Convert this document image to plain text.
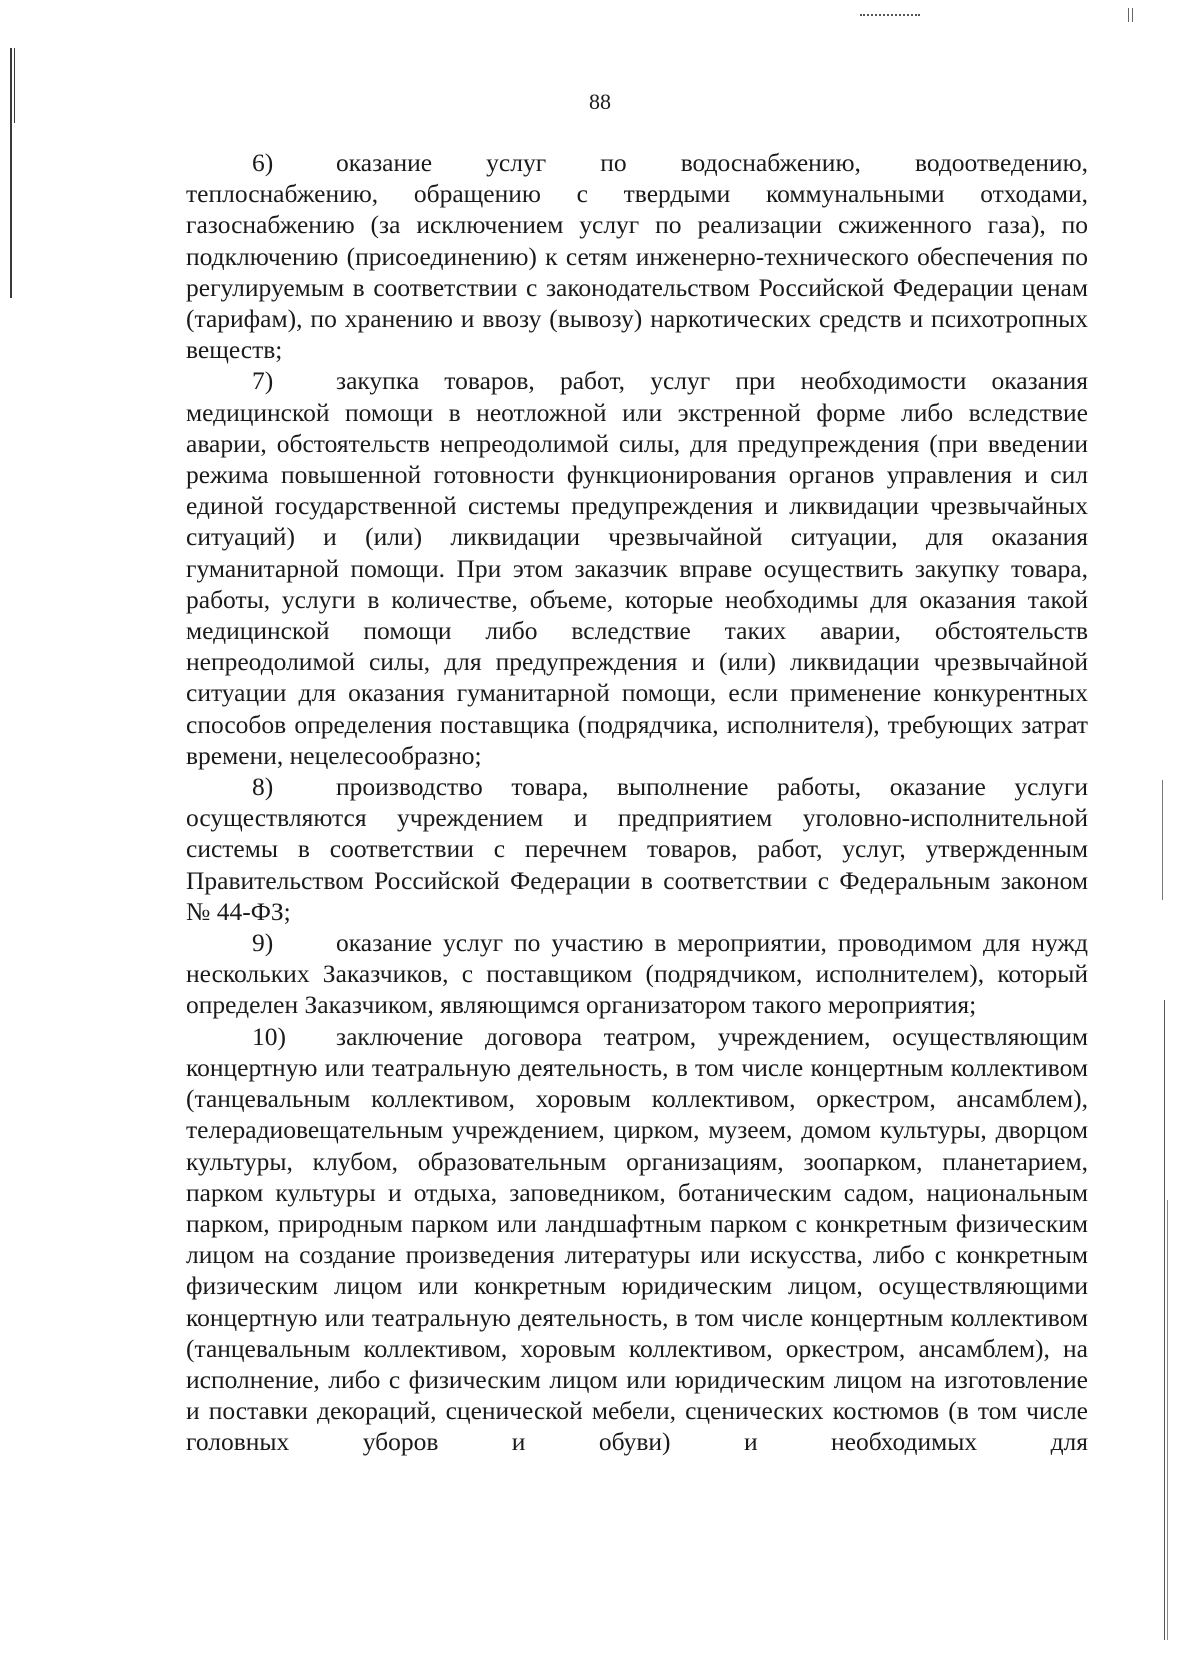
88

6) оказание услуг по водоснабжению, водоотведению, теплоснабжению, обращению с твердыми коммунальными отходами, газоснабжению (за исключением услуг по реализации сжиженного газа), по подключению (присоединению) к сетям инженерно-технического обеспечения по регулируемым в соответствии с законодательством Российской Федерации ценам (тарифам), по хранению и ввозу (вывозу) наркотических средств и психотропных веществ;

7) закупка товаров, работ, услуг при необходимости оказания медицинской помощи в неотложной или экстренной форме либо вследствие аварии, обстоятельств непреодолимой силы, для предупреждения (при введении режима повышенной готовности функционирования органов управления и сил единой государственной системы предупреждения и ликвидации чрезвычайных ситуаций) и (или) ликвидации чрезвычайной ситуации, для оказания гуманитарной помощи. При этом заказчик вправе осуществить закупку товара, работы, услуги в количестве, объеме, которые необходимы для оказания такой медицинской помощи либо вследствие таких аварии, обстоятельств непреодолимой силы, для предупреждения и (или) ликвидации чрезвычайной ситуации для оказания гуманитарной помощи, если применение конкурентных способов определения поставщика (подрядчика, исполнителя), требующих затрат времени, нецелесообразно;

8) производство товара, выполнение работы, оказание услуги осуществляются учреждением и предприятием уголовно-исполнительной системы в соответствии с перечнем товаров, работ, услуг, утвержденным Правительством Российской Федерации в соответствии с Федеральным законом № 44-ФЗ;

9) оказание услуг по участию в мероприятии, проводимом для нужд нескольких Заказчиков, с поставщиком (подрядчиком, исполнителем), который определен Заказчиком, являющимся организатором такого мероприятия;

10) заключение договора театром, учреждением, осуществляющим концертную или театральную деятельность, в том числе концертным коллективом (танцевальным коллективом, хоровым коллективом, оркестром, ансамблем), телерадиовещательным учреждением, цирком, музеем, домом культуры, дворцом культуры, клубом, образовательным организациям, зоопарком, планетарием, парком культуры и отдыха, заповедником, ботаническим садом, национальным парком, природным парком или ландшафтным парком с конкретным физическим лицом на создание произведения литературы или искусства, либо с конкретным физическим лицом или конкретным юридическим лицом, осуществляющими концертную или театральную деятельность, в том числе концертным коллективом (танцевальным коллективом, хоровым коллективом, оркестром, ансамблем), на исполнение, либо с физическим лицом или юридическим лицом на изготовление и поставки декораций, сценической мебели, сценических костюмов (в том числе головных уборов и обуви) и необходимых для
